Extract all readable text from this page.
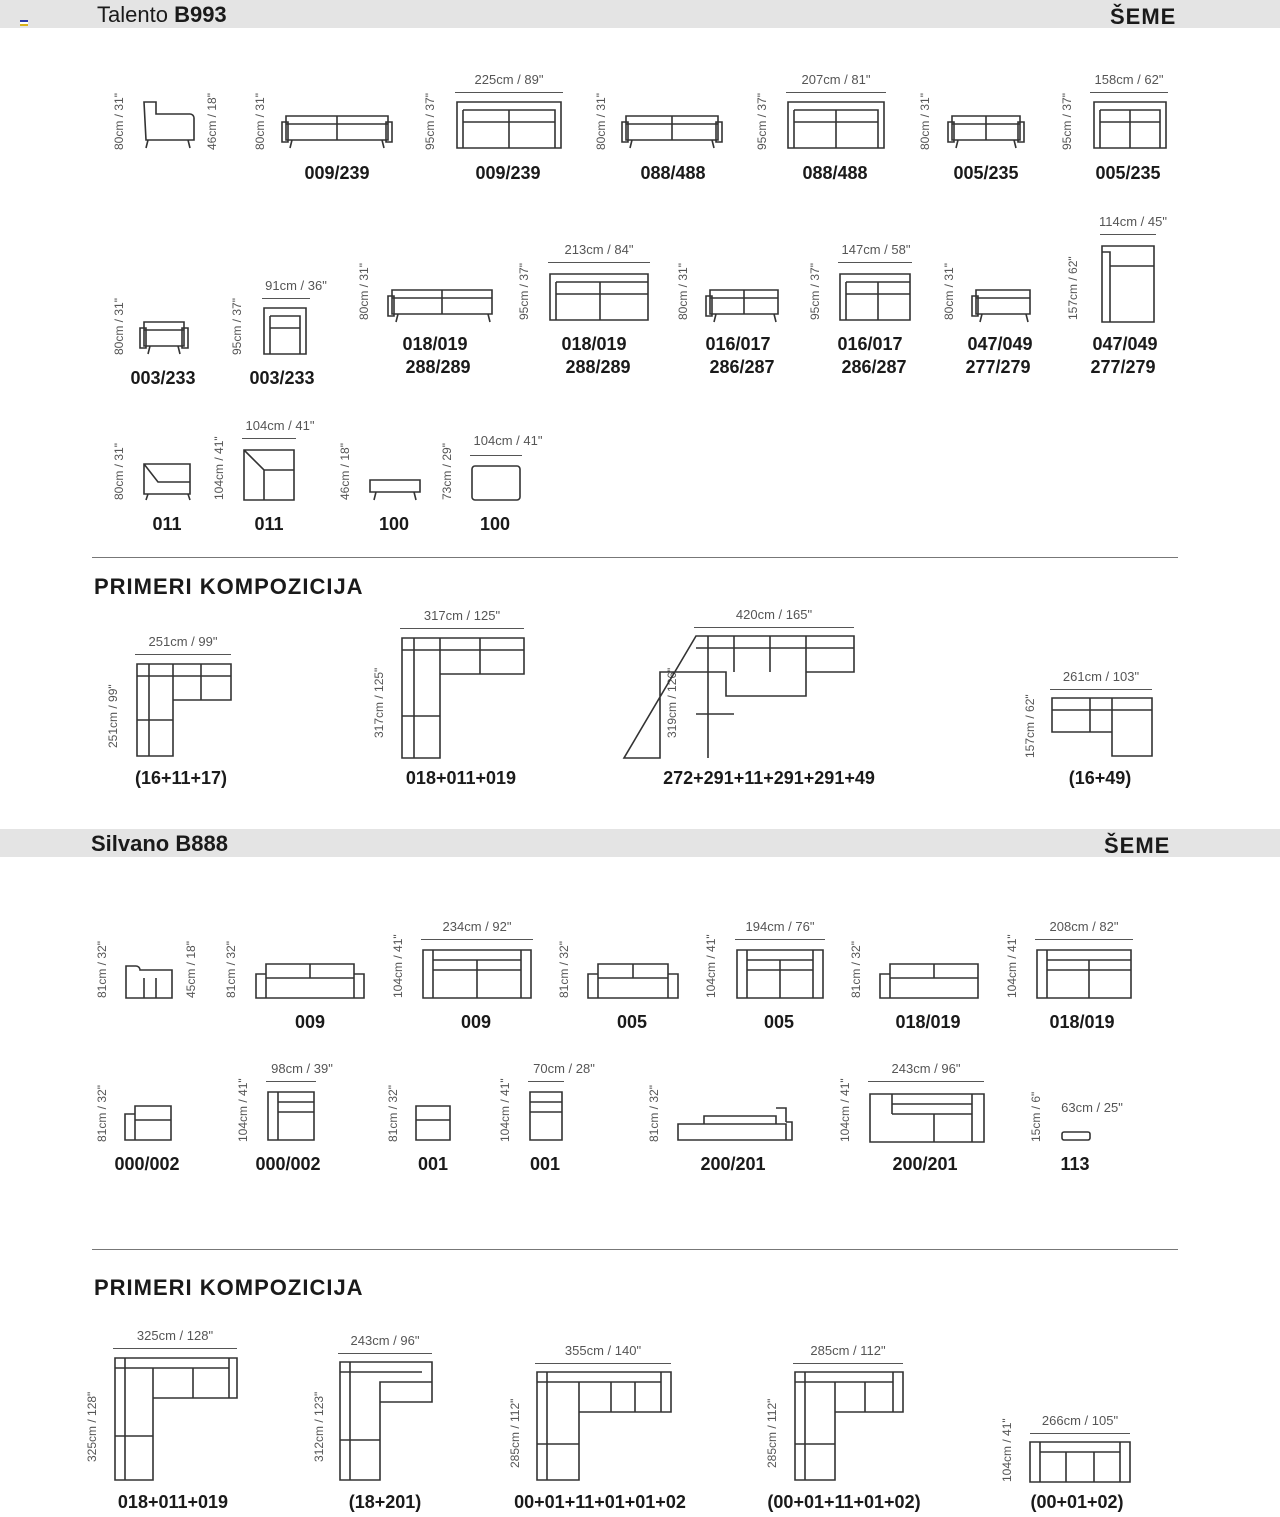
Talento B993	ŠEME
80cm / 31"	46cm / 18"	80cm / 31"
009/239
95cm / 37"
225cm / 89"
009/239
80cm / 31"
088/488
95cm / 37"
207cm / 81"
088/488
80cm / 31"
005/235
95cm / 37"
158cm / 62"
005/235
80cm / 31"
003/233
95cm / 37"
91cm / 36"
003/233
80cm / 31"
018/019
288/289
95cm / 37"
213cm / 84"
018/019
288/289
80cm / 31"
016/017
286/287
95cm / 37"
147cm / 58"
016/017
286/287
80cm / 31"
047/049
277/279
157cm / 62"
114cm / 45"
047/049
277/279
80cm / 31"
011
104cm / 41"
104cm / 41"
011
46cm / 18"
100
73cm / 29"
104cm / 41"
100
PRIMERI KOMPOZICIJA
251cm / 99"
251cm / 99"
(16+11+17)
317cm / 125"
317cm / 125"
018+011+019
420cm / 165"
319cm / 126"
272+291+11+291+291+49
261cm / 103"
157cm / 62"
(16+49)
Silvano B888	ŠEME
81cm / 32"	45cm / 18" 81cm / 32"
009
104cm / 41"
234cm / 92"
009
81cm / 32"
005
104cm / 41"
194cm / 76"
005
81cm / 32"
018/019
104cm / 41"
208cm / 82"
018/019
81cm / 32"
000/002
104cm / 41"
98cm / 39"
000/002
81cm / 32"
001
104cm / 41"
70cm / 28"
001
81cm / 32"
200/201
104cm / 41"
243cm / 96"
200/201
15cm / 6" 63cm / 25"
113
PRIMERI KOMPOZICIJA
325cm / 128"
325cm / 128"
018+011+019
243cm / 96"
312cm / 123"
(18+201)
355cm / 140"
285cm / 112"
00+01+11+01+01+02
285cm / 112"
285cm / 112"
(00+01+11+01+02)
266cm / 105"
104cm / 41"
(00+01+02)
